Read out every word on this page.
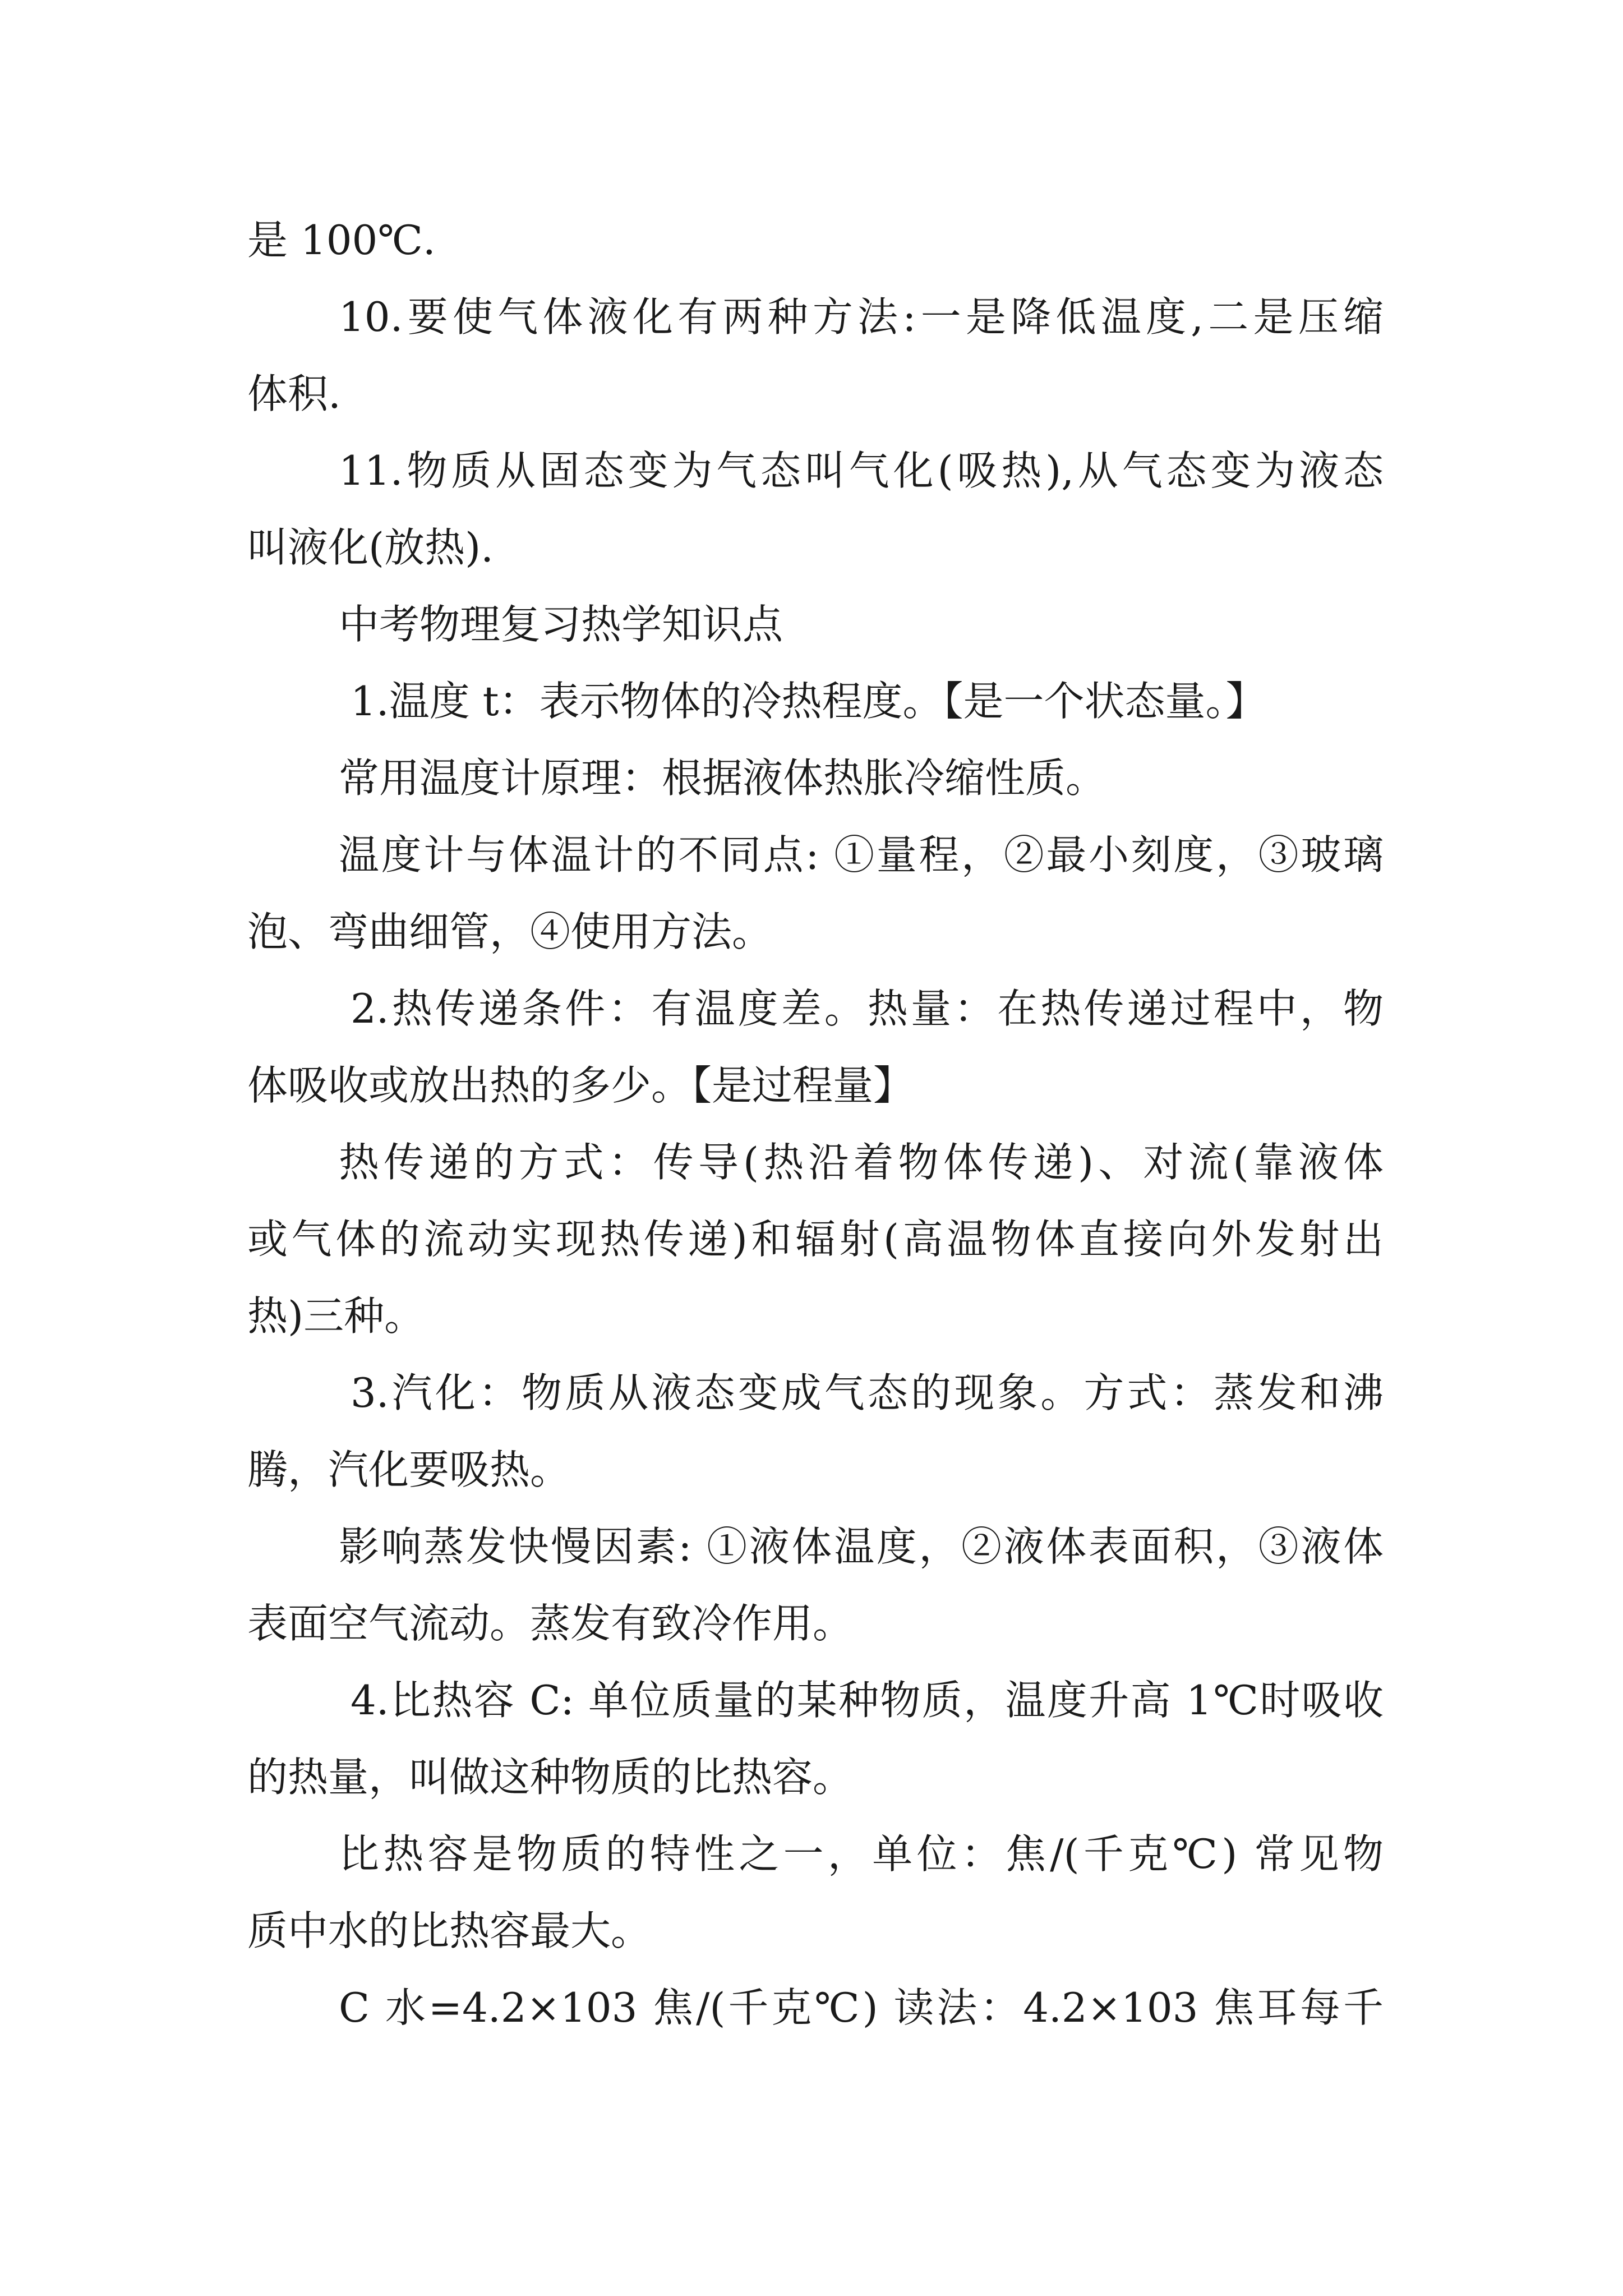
是 100℃.
10.要使气体液化有两种方法:一是降低温度,二是压缩
体积.
11.物质从固态变为气态叫气化(吸热),从气态变为液态
叫液化(放热).
中考物理复习热学知识点
1.温度 t：表示物体的冷热程度。【是一个状态量。】
常用温度计原理：根据液体热胀冷缩性质。
温度计与体温计的不同点: ①量程，②最小刻度，③玻璃
泡、弯曲细管，④使用方法。
2.热传递条件：有温度差。热量：在热传递过程中，物
体吸收或放出热的多少。【是过程量】
热传递的方式：传导(热沿着物体传递)、对流(靠液体
或气体的流动实现热传递)和辐射(高温物体直接向外发射出
热)三种。
3.汽化：物质从液态变成气态的现象。方式：蒸发和沸
腾，汽化要吸热。
影响蒸发快慢因素: ①液体温度，②液体表面积，③液体
表面空气流动。蒸发有致冷作用。
4.比热容 C: 单位质量的某种物质，温度升高 1℃时吸收
的热量，叫做这种物质的比热容。
比热容是物质的特性之一，单位：焦/(千克℃) 常见物
质中水的比热容最大。
C 水=4.2×103 焦/(千克℃) 读法：4.2×103 焦耳每千
